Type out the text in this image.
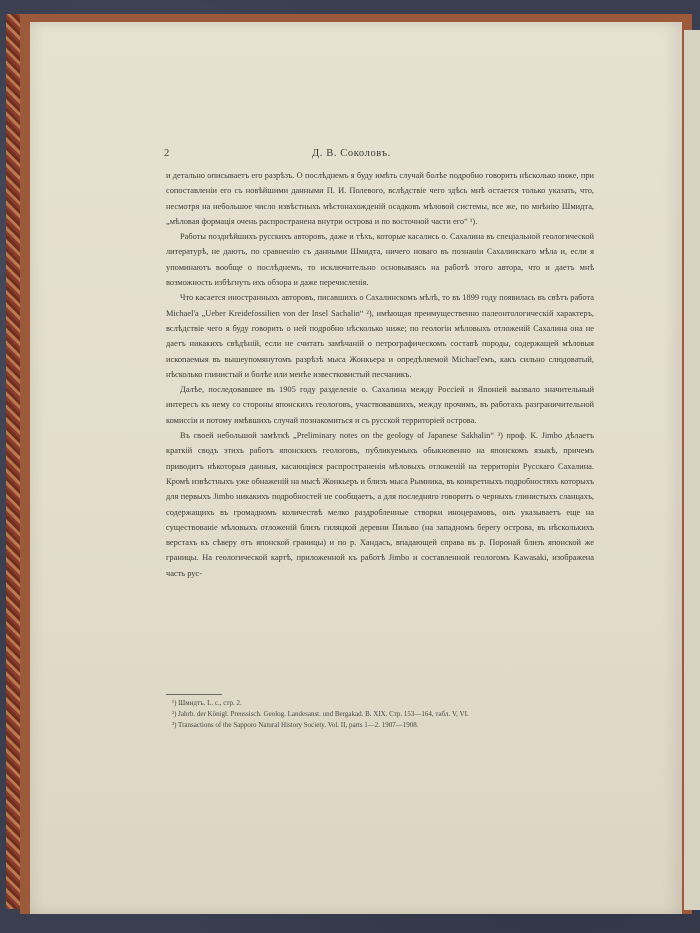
2	Д. В. Соколовъ.

и детально описываетъ его разрѣзъ. О послѣднемъ я буду имѣть случай болѣе подробно говорить нѣсколько ниже, при сопоставленіи его съ новѣйшими данными П. И. Полевого, вслѣдствіе чего здѣсь мнѣ остается только указать, что, несмотря на небольшое число извѣстныхъ мѣстонахожденій осадковъ мѣловой системы, все же, по мнѣнію Шмидта, „мѣловая формація очень распространена внутри острова и по восточной части его“ ¹).

Работы позднѣйшихъ русскихъ авторовъ, даже и тѣхъ, которые касались о. Сахалина въ спеціальной геологической литературѣ, не даютъ, по сравненію съ данными Шмидта, ничего новаго въ познаніи Сахалинскаго мѣла и, если я упоминаютъ вообще о послѣднемъ, то исключительно основываясь на работѣ этого автора, что и даетъ мнѣ возможность избѣгнуть ихъ обзора и даже перечисленія.

Что касается иностранныхъ авторовъ, писавшихъ о Сахалинскомъ мѣлѣ, то въ 1899 году появилась въ свѣтъ работа Michael'а „Ueber Kreidefossilien von der Insel Sachalin“ ²), имѣющая преимущественно палеонтологическій характеръ, вслѣдствіе чего я буду говорить о ней подробно нѣсколько ниже; по геологіи мѣловыхъ отложеній Сахалина она не даетъ никакихъ свѣдѣній, если не считать замѣчаній о петрографическомъ составѣ породы, содержащей мѣловыя ископаемыя въ вышеупомянутомъ разрѣзѣ мыса Жонкьера и опредѣляемой Michael'емъ, какъ сильно слюдоватый, нѣсколько глинистый и болѣе или менѣе известковистый песчаникъ.

Далѣе, последовавшее въ 1905 году разделеніе о. Сахалина между Россіей и Японіей вызвало значительный интересъ къ нему со стороны японскихъ геологовъ, участвовавшихъ, между прочимъ, въ работахъ разграничительной комиссіи и потому имѣвшихъ случай познакомиться и съ русской территоріей острова.

Въ своей небольшой замѣткѣ „Preliminary notes on the geology of Japanese Sakhalin“ ³) проф. К. Jimbo дѣлаетъ краткій сводъ этихъ работъ японскихъ геологовъ, публикуемыхъ обыкновенно на японскомъ языкѣ, причемъ приводитъ нѣкоторыя данныя, касающіяся распространенія мѣловыхъ отложеній на территоріи Русскаго Сахалина. Кромѣ извѣстныхъ уже обнаженій на мысѣ Жонкьеръ и близъ мыса Рымника, въ конкретныхъ подробностяхъ которыхъ для первыхъ Jimbo никакихъ подробностей не сообщаетъ, а для последняго говоритъ о черныхъ глинистыхъ сланцахъ, содержащихъ въ громадномъ количествѣ мелко раздробленные створки иноцерамовъ, онъ указываетъ еще на существованіе мѣловыхъ отложеній близъ гиляцкой деревни Пильво (на западномъ берегу острова, въ нѣсколькихъ верстахъ къ сѣверу отъ японской границы) и по р. Хандасъ, впадающей справа въ р. Поронай близъ японской же границы. На геологической картѣ, приложенной къ работѣ Jimbo и составленной геологомъ Kawasaki, изображена часть рус-

¹) Шмидтъ. L. c., стр. 2.

²) Jahrb. der Königl. Preussisch. Geolog. Landesanst. und Bergakad. B. XIX. Стр. 153—164, табл. V, VI.

³) Transactions of the Sapporo Natural History Society. Vol. II, parts 1—2. 1907—1908.
